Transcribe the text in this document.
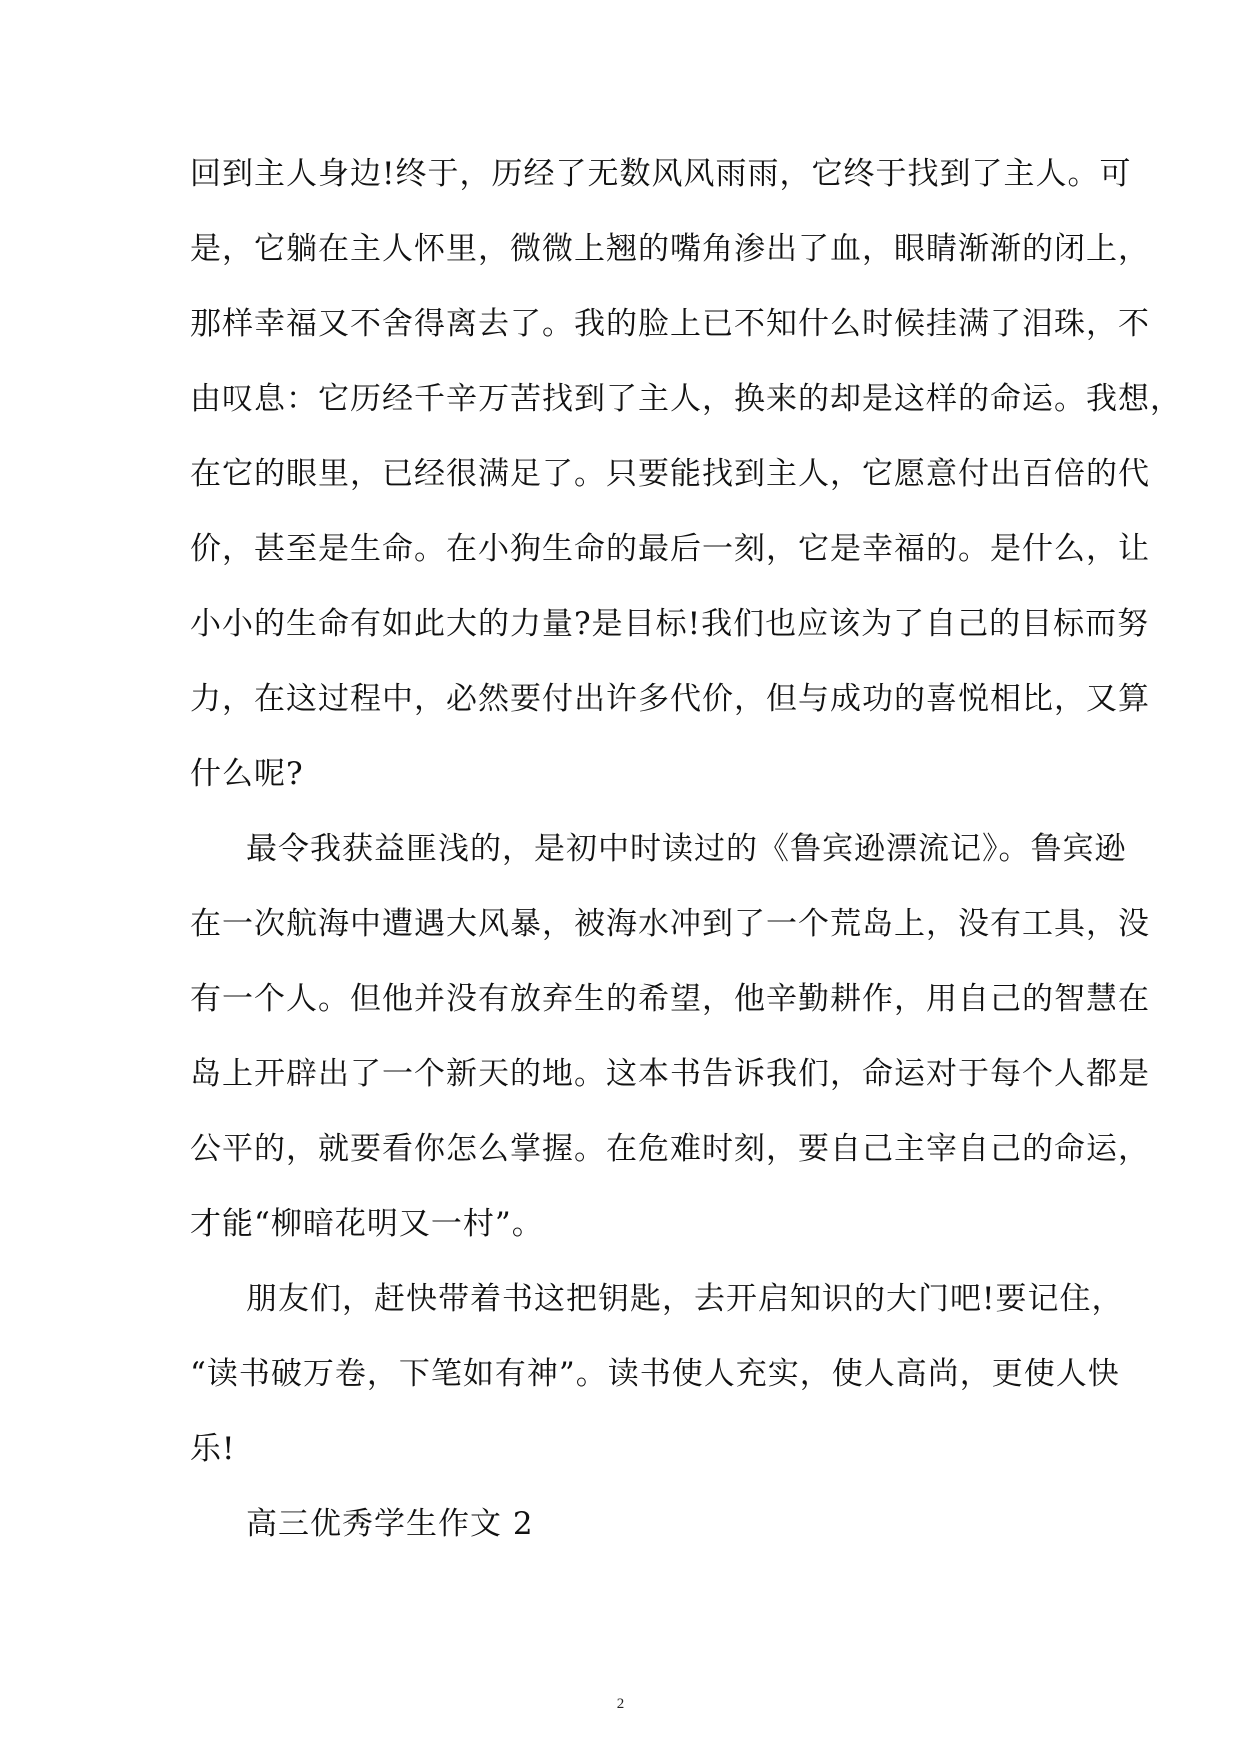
回到主人身边!终于，历经了无数风风雨雨，它终于找到了主人。可
是，它躺在主人怀里，微微上翘的嘴角渗出了血，眼睛渐渐的闭上，
那样幸福又不舍得离去了。我的脸上已不知什么时候挂满了泪珠，不
由叹息：它历经千辛万苦找到了主人，换来的却是这样的命运。我想，
在它的眼里，已经很满足了。只要能找到主人，它愿意付出百倍的代
价，甚至是生命。在小狗生命的最后一刻，它是幸福的。是什么，让
小小的生命有如此大的力量?是目标!我们也应该为了自己的目标而努
力，在这过程中，必然要付出许多代价，但与成功的喜悦相比，又算
什么呢?
最令我获益匪浅的，是初中时读过的《鲁宾逊漂流记》。鲁宾逊
在一次航海中遭遇大风暴，被海水冲到了一个荒岛上，没有工具，没
有一个人。但他并没有放弃生的希望，他辛勤耕作，用自己的智慧在
岛上开辟出了一个新天的地。这本书告诉我们，命运对于每个人都是
公平的，就要看你怎么掌握。在危难时刻，要自己主宰自己的命运，
才能“柳暗花明又一村”。
朋友们，赶快带着书这把钥匙，去开启知识的大门吧!要记住，
“读书破万卷，下笔如有神”。读书使人充实，使人高尚，更使人快
乐!
高三优秀学生作文 2
2
